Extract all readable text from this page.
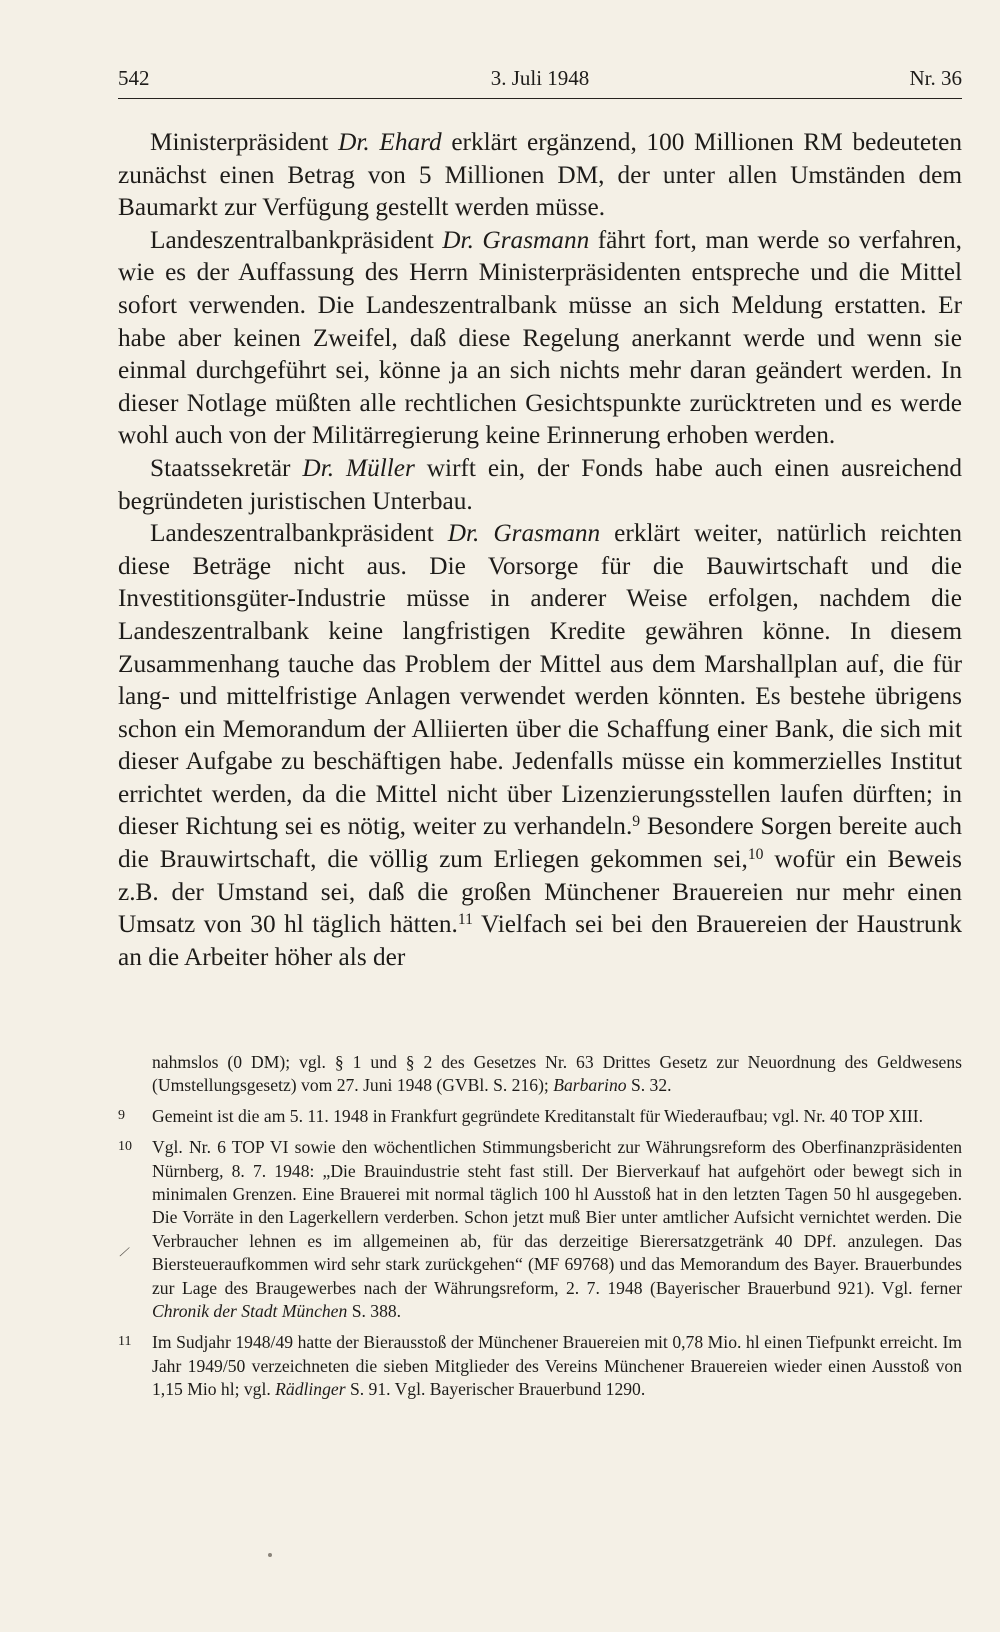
542	3. Juli 1948	Nr. 36

Ministerpräsident Dr. Ehard erklärt ergänzend, 100 Millionen RM bedeuteten zunächst einen Betrag von 5 Millionen DM, der unter allen Umständen dem Baumarkt zur Verfügung gestellt werden müsse.

Landeszentralbankpräsident Dr. Grasmann fährt fort, man werde so verfahren, wie es der Auffassung des Herrn Ministerpräsidenten entspreche und die Mittel sofort verwenden. Die Landeszentralbank müsse an sich Meldung erstatten. Er habe aber keinen Zweifel, daß diese Regelung anerkannt werde und wenn sie einmal durchgeführt sei, könne ja an sich nichts mehr daran geändert werden. In dieser Notlage müßten alle rechtlichen Gesichtspunkte zurücktreten und es werde wohl auch von der Militärregierung keine Erinnerung erhoben werden.

Staatssekretär Dr. Müller wirft ein, der Fonds habe auch einen ausreichend begründeten juristischen Unterbau.

Landeszentralbankpräsident Dr. Grasmann erklärt weiter, natürlich reichten diese Beträge nicht aus. Die Vorsorge für die Bauwirtschaft und die Investitionsgüter-Industrie müsse in anderer Weise erfolgen, nachdem die Landeszentralbank keine langfristigen Kredite gewähren könne. In diesem Zusammenhang tauche das Problem der Mittel aus dem Marshallplan auf, die für lang- und mittelfristige Anlagen verwendet werden könnten. Es bestehe übrigens schon ein Memorandum der Alliierten über die Schaffung einer Bank, die sich mit dieser Aufgabe zu beschäftigen habe. Jedenfalls müsse ein kommerzielles Institut errichtet werden, da die Mittel nicht über Lizenzierungsstellen laufen dürften; in dieser Richtung sei es nötig, weiter zu verhandeln.$^9$ Besondere Sorgen bereite auch die Brauwirtschaft, die völlig zum Erliegen gekommen sei,$^{10}$ wofür ein Beweis z.B. der Umstand sei, daß die großen Münchener Brauereien nur mehr einen Umsatz von 30 hl täglich hätten.$^{11}$ Vielfach sei bei den Brauereien der Haustrunk an die Arbeiter höher als der

nahmslos (0 DM); vgl. § 1 und § 2 des Gesetzes Nr. 63 Drittes Gesetz zur Neuordnung des Geldwesens (Umstellungsgesetz) vom 27. Juni 1948 (GVBl. S. 216); Barbarino S. 32.
9 Gemeint ist die am 5. 11. 1948 in Frankfurt gegründete Kreditanstalt für Wiederaufbau; vgl. Nr. 40 TOP XIII.
10 Vgl. Nr. 6 TOP VI sowie den wöchentlichen Stimmungsbericht zur Währungsreform des Oberfinanzpräsidenten Nürnberg, 8. 7. 1948: „Die Brauindustrie steht fast still. Der Bierverkauf hat aufgehört oder bewegt sich in minimalen Grenzen. Eine Brauerei mit normal täglich 100 hl Ausstoß hat in den letzten Tagen 50 hl ausgegeben. Die Vorräte in den Lagerkellern verderben. Schon jetzt muß Bier unter amtlicher Aufsicht vernichtet werden. Die Verbraucher lehnen es im allgemeinen ab, für das derzeitige Bierersatzgetränk 40 DPf. anzulegen. Das Biersteueraufkommen wird sehr stark zurückgehen“ (MF 69768) und das Memorandum des Bayer. Brauerbundes zur Lage des Braugewerbes nach der Währungsreform, 2. 7. 1948 (Bayerischer Brauerbund 921). Vgl. ferner Chronik der Stadt München S. 388.
11 Im Sudjahr 1948/49 hatte der Bierausstoß der Münchener Brauereien mit 0,78 Mio. hl einen Tiefpunkt erreicht. Im Jahr 1949/50 verzeichneten die sieben Mitglieder des Vereins Münchener Brauereien wieder einen Ausstoß von 1,15 Mio hl; vgl. Rädlinger S. 91. Vgl. Bayerischer Brauerbund 1290.
⁄
